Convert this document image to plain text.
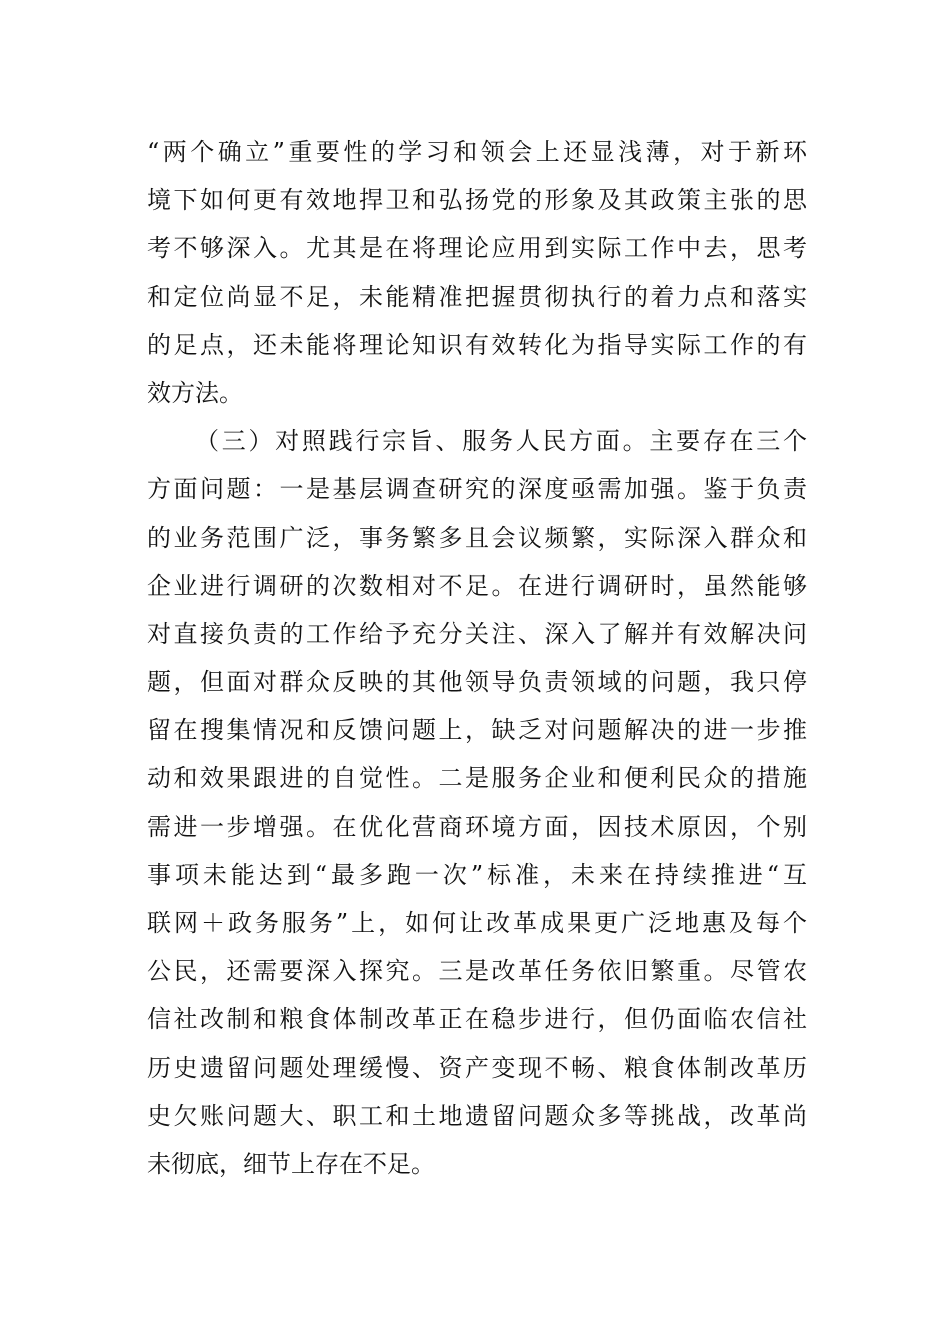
“两个确立”重要性的学习和领会上还显浅薄，对于新环
境下如何更有效地捍卫和弘扬党的形象及其政策主张的思
考不够深入。尤其是在将理论应用到实际工作中去，思考
和定位尚显不足，未能精准把握贯彻执行的着力点和落实
的足点，还未能将理论知识有效转化为指导实际工作的有
效方法。
（三）对照践行宗旨、服务人民方面。主要存在三个
方面问题：一是基层调查研究的深度亟需加强。鉴于负责
的业务范围广泛，事务繁多且会议频繁，实际深入群众和
企业进行调研的次数相对不足。在进行调研时，虽然能够
对直接负责的工作给予充分关注、深入了解并有效解决问
题，但面对群众反映的其他领导负责领域的问题，我只停
留在搜集情况和反馈问题上，缺乏对问题解决的进一步推
动和效果跟进的自觉性。二是服务企业和便利民众的措施
需进一步增强。在优化营商环境方面，因技术原因，个别
事项未能达到“最多跑一次”标准，未来在持续推进“互
联网＋政务服务”上，如何让改革成果更广泛地惠及每个
公民，还需要深入探究。三是改革任务依旧繁重。尽管农
信社改制和粮食体制改革正在稳步进行，但仍面临农信社
历史遗留问题处理缓慢、资产变现不畅、粮食体制改革历
史欠账问题大、职工和土地遗留问题众多等挑战，改革尚
未彻底，细节上存在不足。
